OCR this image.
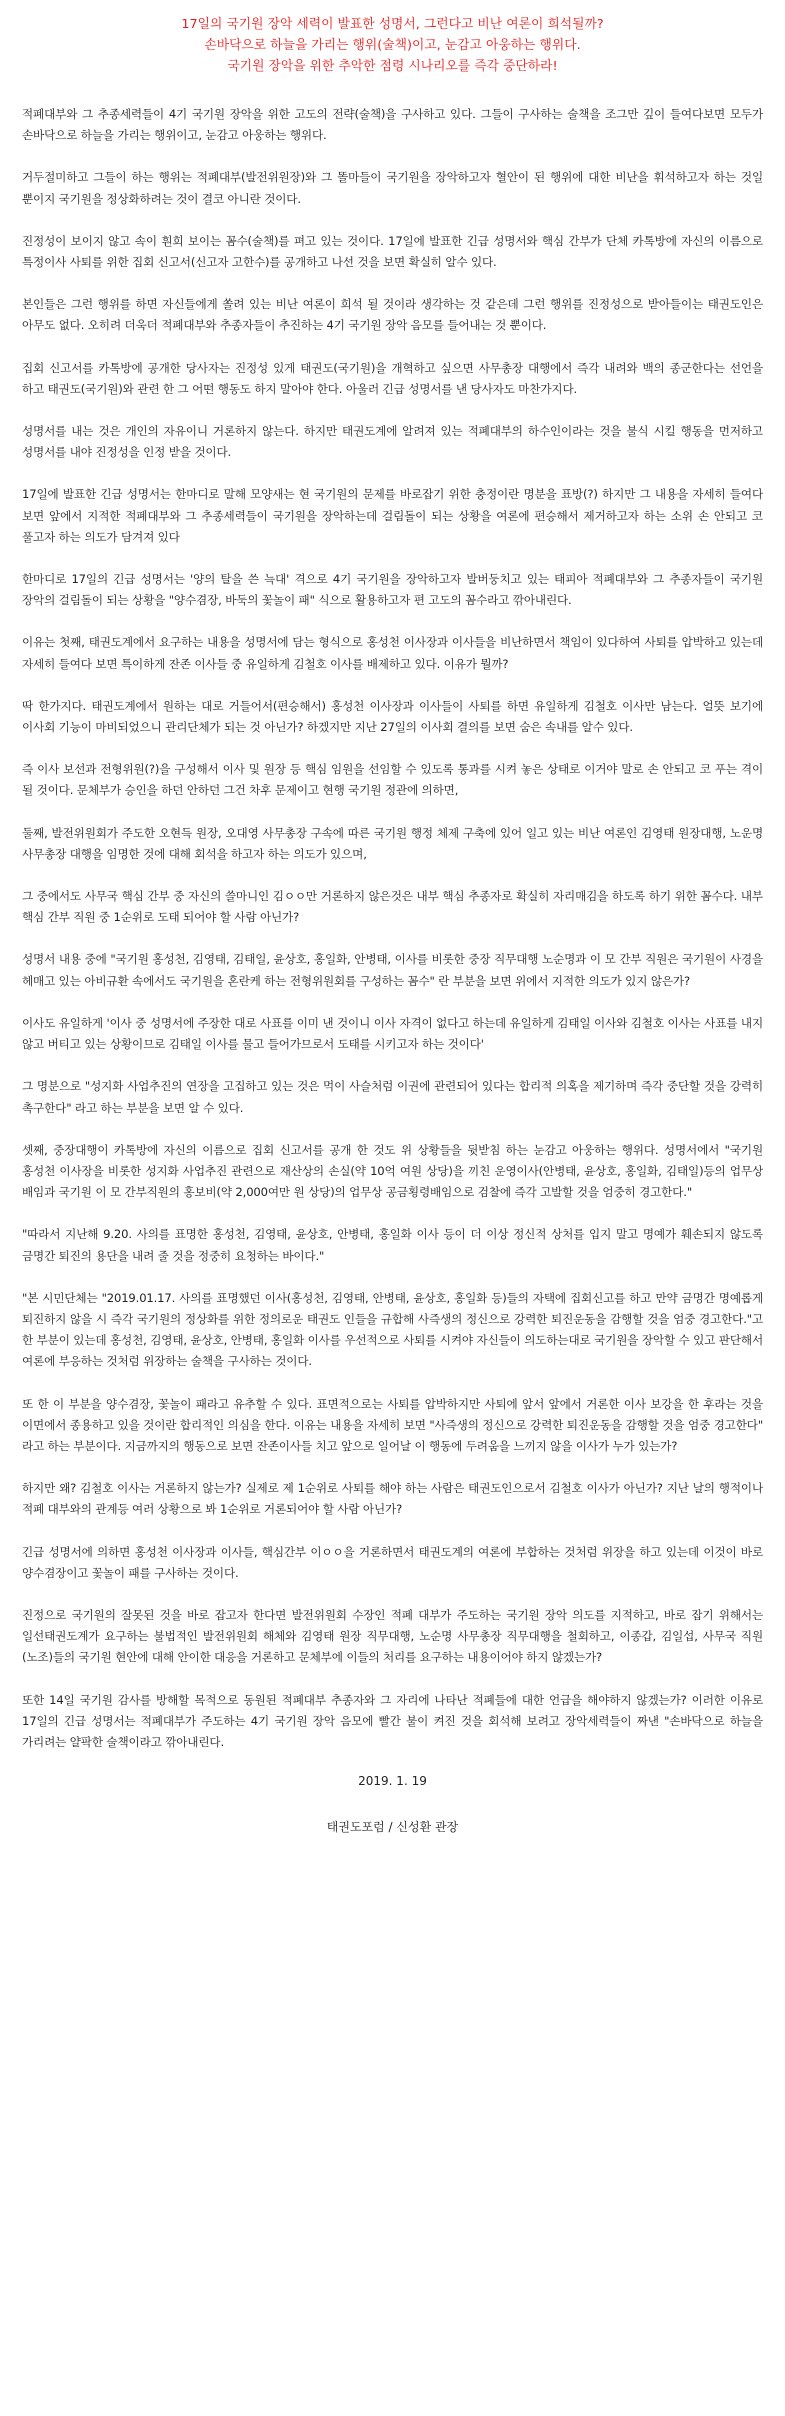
17일의 국기원 장악 세력이 발표한 성명서, 그런다고 비난 여론이 희석될까?
손바닥으로 하늘을 가리는 행위(술책)이고, 눈감고 아웅하는 행위다.
국기원 장악을 위한 추악한 점령 시나리오를 즉각 중단하라!

적폐대부와 그 추종세력들이 4기 국기원 장악을 위한 고도의 전략(술책)을 구사하고 있다. 그들이 구사하는 술책을 조그만 깊이 들여다보면 모두가 손바닥으로 하늘을 가리는 행위이고, 눈감고 아웅하는 행위다.

거두절미하고 그들이 하는 행위는 적폐대부(발전위원장)와 그 똘마들이 국기원을 장악하고자 혈안이 된 행위에 대한 비난을 휘석하고자 하는 것일 뿐이지 국기원을 정상화하려는 것이 결코 아니란 것이다.

진정성이 보이지 않고 속이 훤희 보이는 꼼수(술책)를 펴고 있는 것이다. 17일에 발표한 긴급 성명서와 핵심 간부가 단체 카톡방에 자신의 이름으로 특정이사 사퇴를 위한 집회 신고서(신고자 고한수)를 공개하고 나선 것을 보면 확실히 알수 있다.

본인들은 그런 행위를 하면 자신들에게 쏠려 있는 비난 여론이 희석 될 것이라 생각하는 것 같은데 그런 행위를 진정성으로 받아들이는 태권도인은 아무도 없다. 오히려 더욱더 적폐대부와 추종자들이 추진하는 4기 국기원 장악 음모를 들어내는 것 뿐이다.

집회 신고서를 카톡방에 공개한 당사자는 진정성 있게 태권도(국기원)을 개혁하고 싶으면 사무총장 대행에서 즉각 내려와 백의 종군한다는 선언을 하고 태권도(국기원)와 관련 한 그 어떤 행동도 하지 말아야 한다. 아울러 긴급 성명서를 낸 당사자도 마찬가지다.

성명서를 내는 것은 개인의 자유이니 거론하지 않는다. 하지만 태권도계에 알려져 있는 적폐대부의 하수인이라는 것을 불식 시킬 행동을 먼저하고 성명서를 내야 진정성을 인정 받을 것이다.

17일에 발표한 긴급 성명서는 한마디로 말해 모양새는 현 국기원의 문제를 바로잡기 위한 충정이란 명분을 표방(?) 하지만 그 내용을 자세히 들여다 보면 앞에서 지적한 적폐대부와 그 추종세력들이 국기원을 장악하는데 걸림돌이 되는 상황을 여론에 편승해서 제거하고자 하는 소위 손 안되고 코 풀고자 하는 의도가 담겨져 있다

한마디로 17일의 긴급 성명서는 '양의 탈을 쓴 늑대' 격으로 4기 국기원을 장악하고자 발버둥치고 있는 태피아 적폐대부와 그 추종자들이 국기원 장악의 걸림돌이 되는 상황을 "양수겸장, 바둑의 꽃놀이 패" 식으로 활용하고자 편 고도의 꼼수라고 깎아내린다.

이유는 첫째, 태권도계에서 요구하는 내용을 성명서에 담는 형식으로 홍성천 이사장과 이사들을 비난하면서 책임이 있다하여 사퇴를 압박하고 있는데 자세히 들여다 보면 특이하게 잔존 이사들 중 유일하게 김철호 이사를 배제하고 있다. 이유가 뭘까?

딱 한가지다. 태권도계에서 원하는 대로 거들어서(편승해서) 홍성천 이사장과 이사들이 사퇴를 하면 유일하게 김철호 이사만 남는다. 얼뜻 보기에 이사회 기능이 마비되었으니 관리단체가 되는 것 아닌가? 하겠지만 지난 27일의 이사회 결의를 보면 숨은 속내를 알수 있다.

즉 이사 보선과 전형위원(?)을 구성해서 이사 및 원장 등 핵심 임원을 선임할 수 있도록 통과를 시켜 놓은 상태로 이거야 말로 손 안되고 코 푸는 격이 될 것이다. 문체부가 승인을 하던 안하던 그건 차후 문제이고 현행 국기원 정관에 의하면,

둘째, 발전위원회가 주도한 오현득 원장, 오대영 사무총장 구속에 따른 국기원 행정 체제 구축에 있어 일고 있는 비난 여론인 김영태 원장대행, 노운명 사무총장 대행을 임명한 것에 대해 회석을 하고자 하는 의도가 있으며,

그 중에서도 사무국 핵심 간부 중 자신의 쓸마니인 김ㅇㅇ만 거론하지 않은것은 내부 핵심 추종자로 확실히 자리매김을 하도록 하기 위한 꼼수다. 내부 핵심 간부 직원 중 1순위로 도태 되어야 할 사람 아닌가?

성명서 내용 중에 "국기원 홍성천, 김영태, 김태일, 윤상호, 홍일화, 안병태, 이사를 비롯한 중장 직무대행 노순명과 이 모 간부 직원은 국기원이 사경을 헤매고 있는 아비규환 속에서도 국기원을 혼란케 하는 전형위원회를 구성하는 꼼수" 란 부분을 보면 위에서 지적한 의도가 있지 않은가?

이사도 유일하게 '이사 중 성명서에 주장한 대로 사표를 이미 낸 것이니 이사 자격이 없다고 하는데 유일하게 김태일 이사와 김철호 이사는 사표를 내지 않고 버티고 있는 상황이므로 김태일 이사를 물고 들어가므로서 도태를 시키고자 하는 것이다'

그 명분으로 "성지화 사업추진의 연장을 고집하고 있는 것은 먹이 사슬처럼 이권에 관련되어 있다는 합리적 의혹을 제기하며 즉각 중단할 것을 강력히 촉구한다" 라고 하는 부분을 보면 알 수 있다.

셋째, 중장대행이 카톡방에 자신의 이름으로 집회 신고서를 공개 한 것도 위 상황들을 뒷받침 하는 눈감고 아웅하는 행위다. 성명서에서 "국기원 홍성천 이사장을 비롯한 성지화 사업추진 관련으로 재산상의 손실(약 10억 여원 상당)을 끼친 운영이사(안병태, 윤상호, 홍일화, 김태일)등의 업무상 배임과 국기원 이 모 간부직원의 홍보비(약 2,000여만 원 상당)의 업무상 공금횡령배임으로 검찰에 즉각 고발할 것을 엄중히 경고한다."

"따라서 지난해 9.20. 사의를 표명한 홍성천, 김영태, 윤상호, 안병태, 홍일화 이사 등이 더 이상 정신적 상처를 입지 말고 명예가 훼손되지 않도록 금명간 퇴진의 용단을 내려 줄 것을 정중히 요청하는 바이다."

"본 시민단체는 "2019.01.17. 사의를 표명했던 이사(홍성천, 김영태, 안병태, 윤상호, 홍일화 등)들의 자택에 집회신고를 하고 만약 금명간 명예롭게 퇴진하지 않을 시 즉각 국기원의 정상화를 위한 정의로운 태권도 인들을 규합해 사즉생의 정신으로 강력한 퇴진운동을 감행할 것을 엄중 경고한다."고 한 부분이 있는데 홍성천, 김영태, 윤상호, 안병태, 홍일화 이사를 우선적으로 사퇴를 시켜야 자신들이 의도하는대로 국기원을 장악할 수 있고 판단해서 여론에 부응하는 것처럼 위장하는 술책을 구사하는 것이다.

또 한 이 부분을 양수겸장, 꽃놀이 패라고 유추할 수 있다. 표면적으로는 사퇴를 압박하지만 사퇴에 앞서 앞에서 거론한 이사 보강을 한 후라는 것을 이면에서 종용하고 있을 것이란 합리적인 의심을 한다. 이유는 내용을 자세히 보면 "사즉생의 정신으로 강력한 퇴진운동을 감행할 것을 엄중 경고한다" 라고 하는 부분이다. 지금까지의 행동으로 보면 잔존이사들 치고 앞으로 일어날 이 행동에 두려움을 느끼지 않을 이사가 누가 있는가?

하지만 왜? 김철호 이사는 거론하지 않는가? 실제로 제 1순위로 사퇴를 해야 하는 사람은 태권도인으로서 김철호 이사가 아닌가? 지난 날의 행적이나 적폐 대부와의 관계등 여러 상황으로 봐 1순위로 거론되어야 할 사람 아닌가?

긴급 성명서에 의하면 홍성천 이사장과 이사들, 핵심간부 이ㅇㅇ을 거론하면서 태권도계의 여론에 부합하는 것처럼 위장을 하고 있는데 이것이 바로 양수겸장이고 꽃놀이 패를 구사하는 것이다.

진정으로 국기원의 잘못된 것을 바로 잡고자 한다면 발전위원회 수장인 적폐 대부가 주도하는 국기원 장악 의도를 지적하고, 바로 잡기 위해서는 일선태권도계가 요구하는 불법적인 발전위원회 해체와 김영태 원장 직무대행, 노순명 사무총장 직무대행을 철회하고, 이종갑, 김일섭, 사무국 직원(노조)들의 국기원 현안에 대해 안이한 대응을 거론하고 문체부에 이들의 처리를 요구하는 내용이어야 하지 않겠는가?

또한 14일 국기원 감사를 방해할 목적으로 동원된 적폐대부 추종자와 그 자리에 나타난 적폐들에 대한 언급을 해야하지 않겠는가? 이러한 이유로 17일의 긴급 성명서는 적폐대부가 주도하는 4기 국기원 장악 음모에 빨간 불이 켜진 것을 회석해 보려고 장악세력들이 짜낸 "손바닥으로 하늘을 가리려는 얄팍한 술책이라고 깎아내린다.

2019. 1. 19

태권도포럼 / 신성환 관장
